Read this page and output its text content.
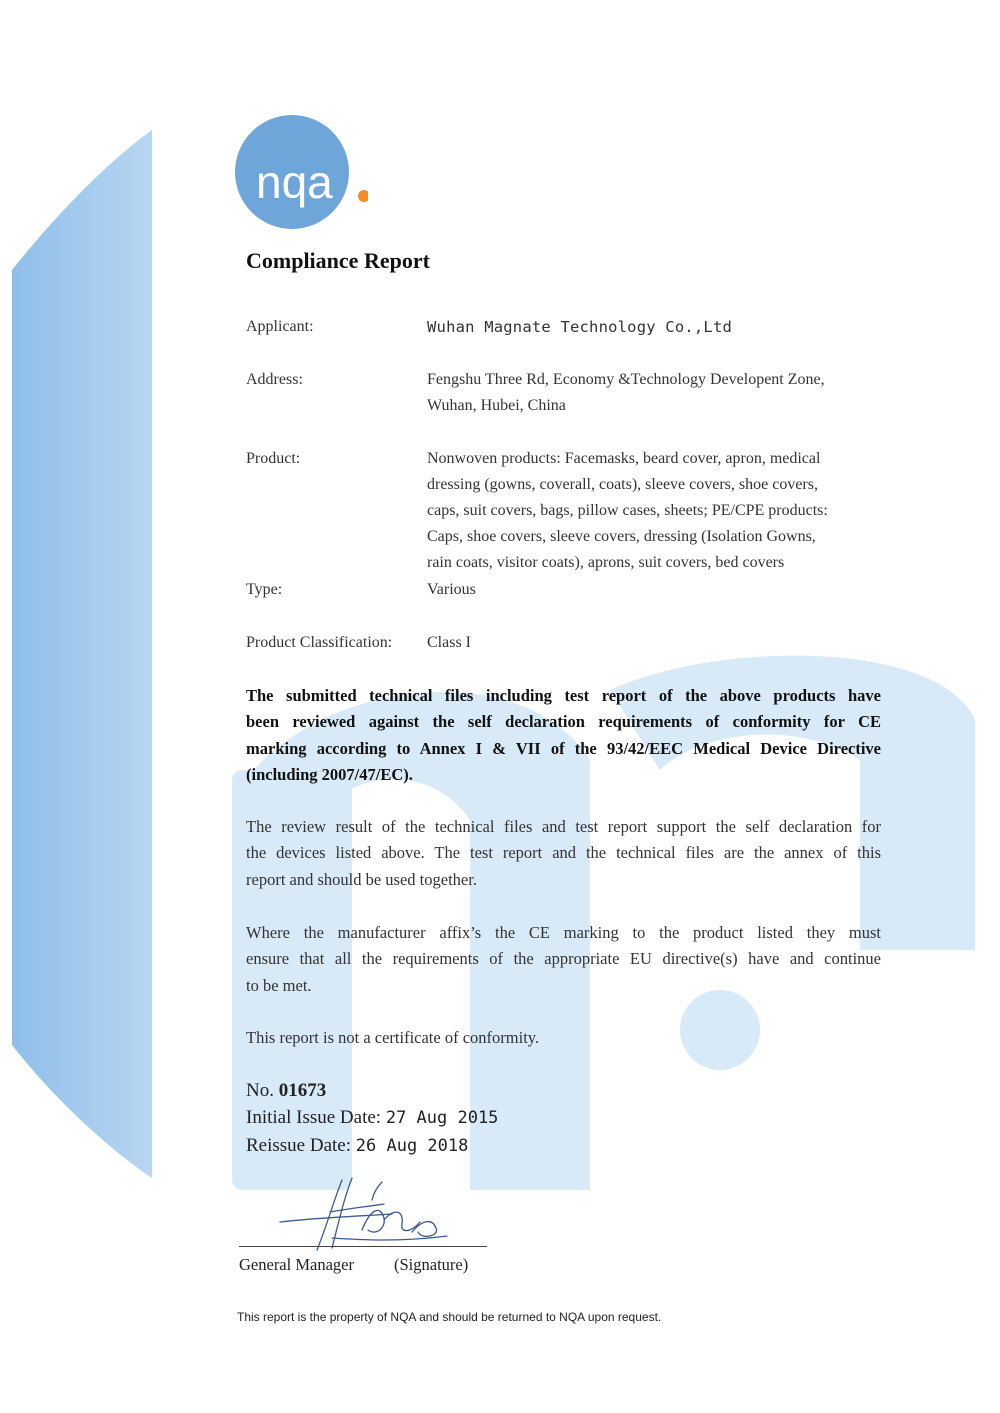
nqa
Compliance Report
Applicant:	Wuhan Magnate Technology Co.,Ltd
Address:	Fengshu Three Rd, Economy &Technology Developent Zone,
Wuhan, Hubei, China
Product:	Nonwoven products: Facemasks, beard cover, apron, medical
dressing (gowns, coverall, coats), sleeve covers, shoe covers,
caps, suit covers, bags, pillow cases, sheets; PE/CPE products:
Caps, shoe covers, sleeve covers, dressing (Isolation Gowns,
rain coats, visitor coats), aprons, suit covers, bed covers
Type:	Various
Product Classification: Class I
The submitted technical files including test report of the above products have
been reviewed against the self declaration requirements of conformity for CE
marking according to Annex I & VII of the 93/42/EEC Medical Device Directive
(including 2007/47/EC).
The review result of the technical files and test report support the self declaration for
the devices listed above. The test report and the technical files are the annex of this
report and should be used together.
Where the manufacturer affix’s the CE marking to the product listed they must
ensure that all the requirements of the appropriate EU directive(s) have and continue
to be met.
This report is not a certificate of conformity.
No. 01673
Initial Issue Date: 27 Aug 2015
Reissue Date: 26 Aug 2018
General Manager (Signature)
This report is the property of NQA and should be returned to NQA upon request.
